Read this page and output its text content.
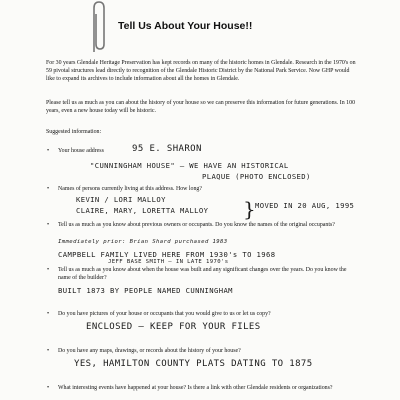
Tell Us About Your House!!
For 30 years Glendale Heritage Preservation has kept records on many of the historic homes in Glendale. Research in the 1970's on 59 pivotal structures lead directly to recognition of the Glendale Historic District by the National Park Service. Now GHP would like to expand its archives to include information about all the homes in Glendale.
Please tell us as much as you can about the history of your house so we can preserve this information for future generations. In 100 years, even a new house today will be historic.
Suggested information:
• Your house address	95 E. SHARON
"CUNNINGHAM HOUSE" — WE HAVE AN HISTORICAL
PLAQUE (PHOTO ENCLOSED)
• Names of persons currently living at this address. How long?
KEVIN / LORI MALLOY
CLAIRE, MARY, LORETTA MALLOY } MOVED IN 20 AUG, 1995
• Tell us as much as you know about previous owners or occupants. Do you know the names of the original occupants?
Immediately prior: Brian Shard purchased 1983
CAMPBELL FAMILY LIVED HERE FROM 1930's TO 1968
JEFF BASE SMITH – IN LATE 1970's
• Tell us as much as you know about when the house was built and any significant changes over the years. Do you know the name of the builder?
BUILT 1873 BY PEOPLE NAMED CUNNINGHAM
• Do you have pictures of your house or occupants that you would give to us or let us copy?
ENCLOSED – KEEP FOR YOUR FILES
• Do you have any maps, drawings, or records about the history of your house?
YES, HAMILTON COUNTY PLATS DATING TO 1875
• What interesting events have happened at your house? Is there a link with other Glendale residents or organizations?
